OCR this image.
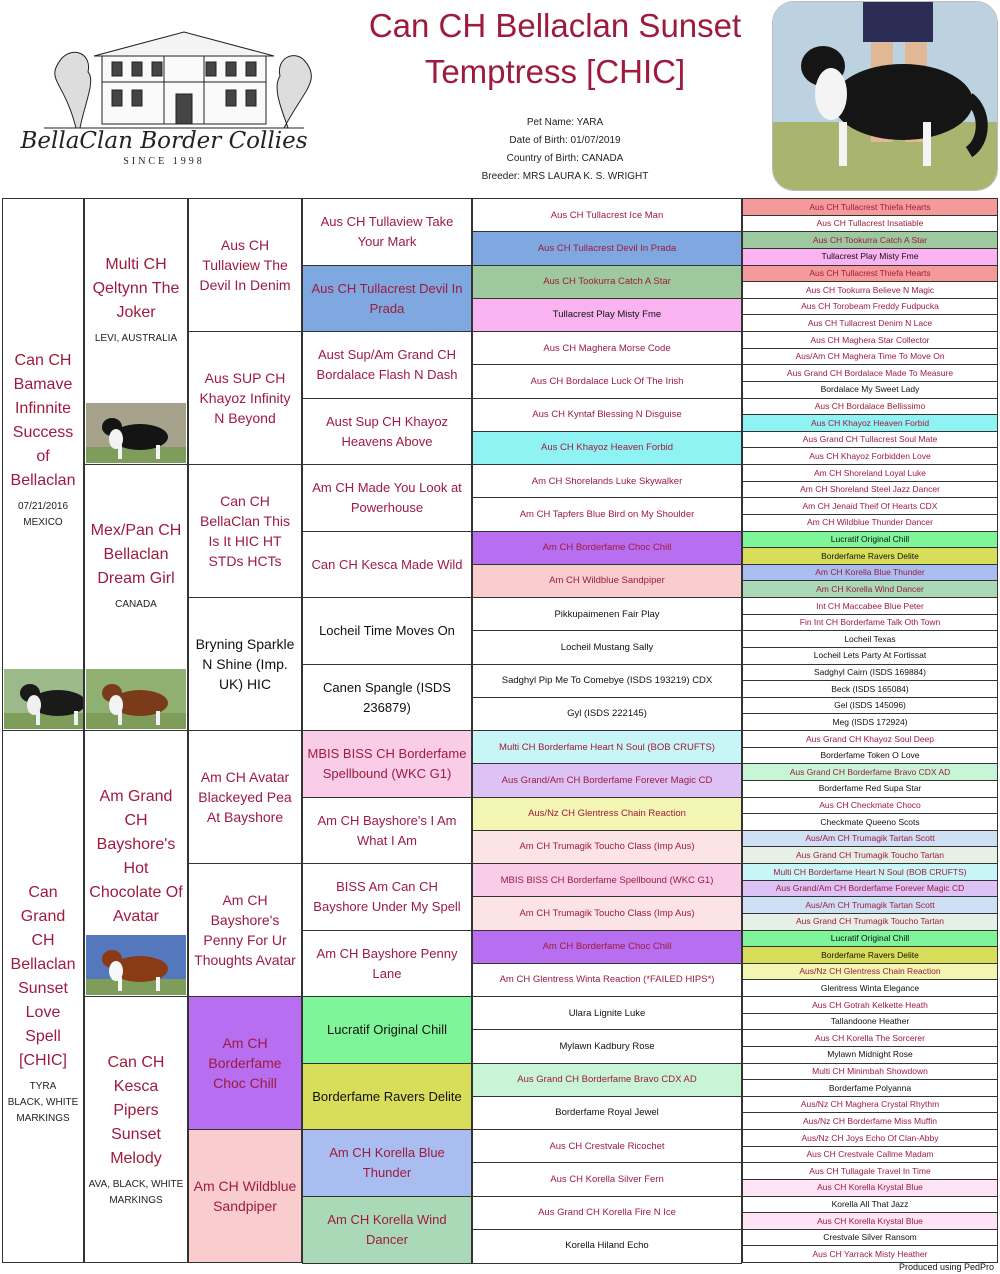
BellaClan Border Collies
SINCE 1998
Can CH Bellaclan Sunset
Temptress [CHIC]
Pet Name: YARA
Date of Birth: 01/07/2019
Country of Birth: CANADA
Breeder: MRS LAURA K. S. WRIGHT
Can CH Bamave Infinnite Success of Bellaclan
07/21/2016
MEXICO
Can Grand CH Bellaclan Sunset Love Spell [CHIC]
TYRA
BLACK, WHITE
MARKINGS
Multi CH Qeltynn The Joker
LEVI, AUSTRALIA
Mex/Pan CH Bellaclan Dream Girl
CANADA
Am Grand CH Bayshore's Hot Chocolate Of Avatar
Can CH Kesca Pipers Sunset Melody
AVA, BLACK, WHITE
MARKINGS
Aus CH Tullaview The Devil In Denim
Aus SUP CH Khayoz Infinity N Beyond
Can CH BellaClan This Is It HIC HT STDs HCTs
Bryning Sparkle N Shine (Imp. UK) HIC
Am CH Avatar Blackeyed Pea At Bayshore
Am CH Bayshore's Penny For Ur Thoughts Avatar
Am CH Borderfame Choc Chill
Am CH Wildblue Sandpiper
Aus CH Tullaview Take Your Mark
Aus CH Tullacrest Devil In Prada
Aust Sup/Am Grand CH Bordalace Flash N Dash
Aust Sup CH Khayoz Heavens Above
Am CH Made You Look at Powerhouse
Can CH Kesca Made Wild
Locheil Time Moves On
Canen Spangle (ISDS 236879)
MBIS BISS CH Borderfame Spellbound (WKC G1)
Am CH Bayshore's I Am What I Am
BISS Am Can CH Bayshore Under My Spell
Am CH Bayshore Penny Lane
Lucratif Original Chill
Borderfame Ravers Delite
Am CH Korella Blue Thunder
Am CH Korella Wind Dancer
Aus CH Tullacrest Ice Man
Aus CH Tullacrest Devil In Prada
Aus CH Tookurra Catch A Star
Tullacrest Play Misty Fme
Aus CH Maghera Morse Code
Aus CH Bordalace Luck Of The Irish
Aus CH Kyntaf Blessing N Disguise
Aus CH Khayoz Heaven Forbid
Am CH Shorelands Luke Skywalker
Am CH Tapfers Blue Bird on My Shoulder
Am CH Borderfame Choc Chill
Am CH Wildblue Sandpiper
Pikkupaimenen Fair Play
Locheil Mustang Sally
Sadghyl Pip Me To Comebye (ISDS 193219) CDX
Gyl (ISDS 222145)
Multi CH Borderfame Heart N Soul (BOB CRUFTS)
Aus Grand/Am CH Borderfame Forever Magic CD
Aus/Nz CH Glentress Chain Reaction
Am CH Trumagik Toucho Class (Imp Aus)
MBIS BISS CH Borderfame Spellbound (WKC G1)
Am CH Trumagik Toucho Class (Imp Aus)
Am CH Borderfame Choc Chill
Am CH Glentress Winta Reaction (*FAILED HIPS*)
Ulara Lignite Luke
Mylawn Kadbury Rose
Aus Grand CH Borderfame Bravo CDX AD
Borderfame Royal Jewel
Aus CH Crestvale Ricochet
Aus CH Korella Silver Fern
Aus Grand CH Korella Fire N Ice
Korella Hiland Echo
Aus CH Tullacrest Thiefa Hearts
Aus CH Tullacrest Insatiable
Aus CH Tookurra Catch A Star
Tullacrest Play Misty Fme
Aus CH Tullacrest Thiefa Hearts
Aus CH Tookurra Believe N Magic
Aus CH Torobeam Freddy Fudpucka
Aus CH Tullacrest Denim N Lace
Aus CH Maghera Star Collector
Aus/Am CH Maghera Time To Move On
Aus Grand CH Bordalace Made To Measure
Bordalace My Sweet Lady
Aus CH Bordalace Bellissimo
Aus CH Khayoz Heaven Forbid
Aus Grand CH Tullacrest Soul Mate
Aus CH Khayoz Forbidden Love
Am CH Shoreland Loyal Luke
Am CH Shoreland Steel Jazz Dancer
Am CH Jenaid Theif Of Hearts CDX
Am CH Wildblue Thunder Dancer
Lucratif Original Chill
Borderfame Ravers Delite
Am CH Korella Blue Thunder
Am CH Korella Wind Dancer
Int CH Maccabee Blue Peter
Fin Int CH Borderfame Talk Oth Town
Locheil Texas
Locheil Lets Party At Fortissat
Sadghyl Cairn (ISDS 169884)
Beck (ISDS 165084)
Gel (ISDS 145096)
Meg (ISDS 172924)
Aus Grand CH Khayoz Soul Deep
Borderfame Token O Love
Aus Grand CH Borderfame Bravo CDX AD
Borderfame Red Supa Star
Aus CH Checkmate Choco
Checkmate Queeno Scots
Aus/Am CH Trumagik Tartan Scott
Aus Grand CH Trumagik Toucho Tartan
Multi CH Borderfame Heart N Soul (BOB CRUFTS)
Aus Grand/Am CH Borderfame Forever Magic CD
Aus/Am CH Trumagik Tartan Scott
Aus Grand CH Trumagik Toucho Tartan
Lucratif Original Chill
Borderfame Ravers Delite
Aus/Nz CH Glentress Chain Reaction
Glentress Winta Elegance
Aus CH Gotrah Kelkette Heath
Tallandoone Heather
Aus CH Korella The Sorcerer
Mylawn Midnight Rose
Multi CH Minimbah Showdown
Borderfame Polyanna
Aus/Nz CH Maghera Crystal Rhythm
Aus/Nz CH Borderfame Miss Muffin
Aus/Nz CH Joys Echo Of Clan-Abby
Aus CH Crestvale Callme Madam
Aus CH Tullagale Travel In Time
Aus CH Korella Krystal Blue
Korella All That Jazz
Aus CH Korella Krystal Blue
Crestvale Silver Ransom
Aus CH Yarrack Misty Heather
Produced using PedPro
